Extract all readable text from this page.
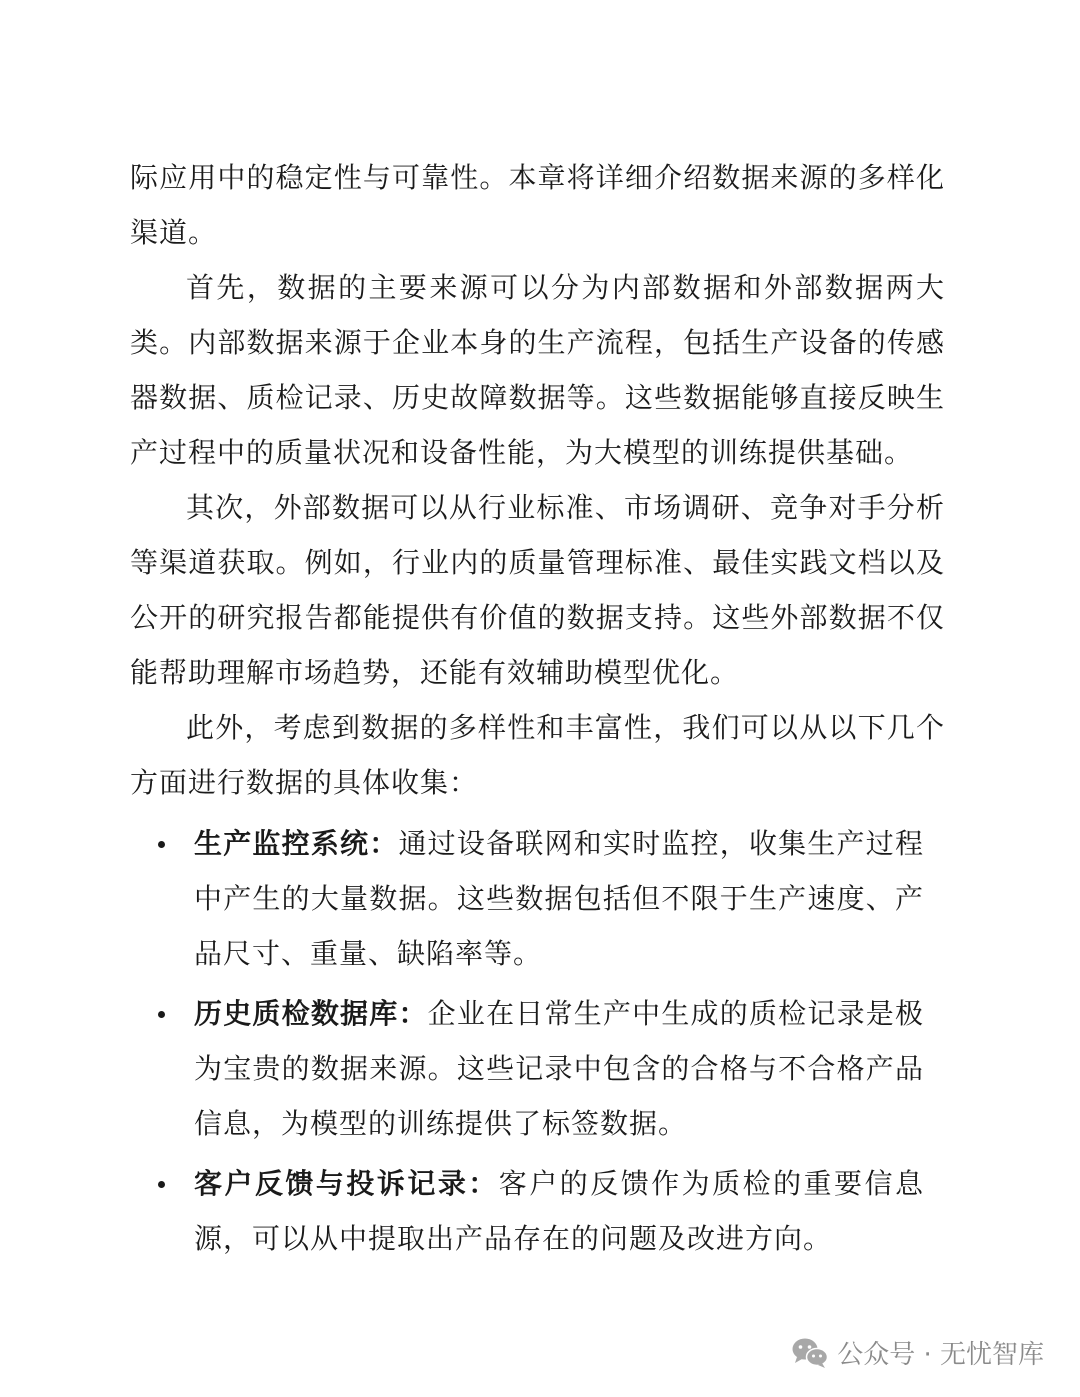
际应用中的稳定性与可靠性。本章将详细介绍数据来源的多样化渠道。

首先，数据的主要来源可以分为内部数据和外部数据两大类。内部数据来源于企业本身的生产流程，包括生产设备的传感器数据、质检记录、历史故障数据等。这些数据能够直接反映生产过程中的质量状况和设备性能，为大模型的训练提供基础。

其次，外部数据可以从行业标准、市场调研、竞争对手分析等渠道获取。例如，行业内的质量管理标准、最佳实践文档以及公开的研究报告都能提供有价值的数据支持。这些外部数据不仅能帮助理解市场趋势，还能有效辅助模型优化。

此外，考虑到数据的多样性和丰富性，我们可以从以下几个方面进行数据的具体收集：

生产监控系统：通过设备联网和实时监控，收集生产过程中产生的大量数据。这些数据包括但不限于生产速度、产品尺寸、重量、缺陷率等。
历史质检数据库：企业在日常生产中生成的质检记录是极为宝贵的数据来源。这些记录中包含的合格与不合格产品信息，为模型的训练提供了标签数据。
客户反馈与投诉记录：客户的反馈作为质检的重要信息源，可以从中提取出产品存在的问题及改进方向。
公众号 · 无忧智库
